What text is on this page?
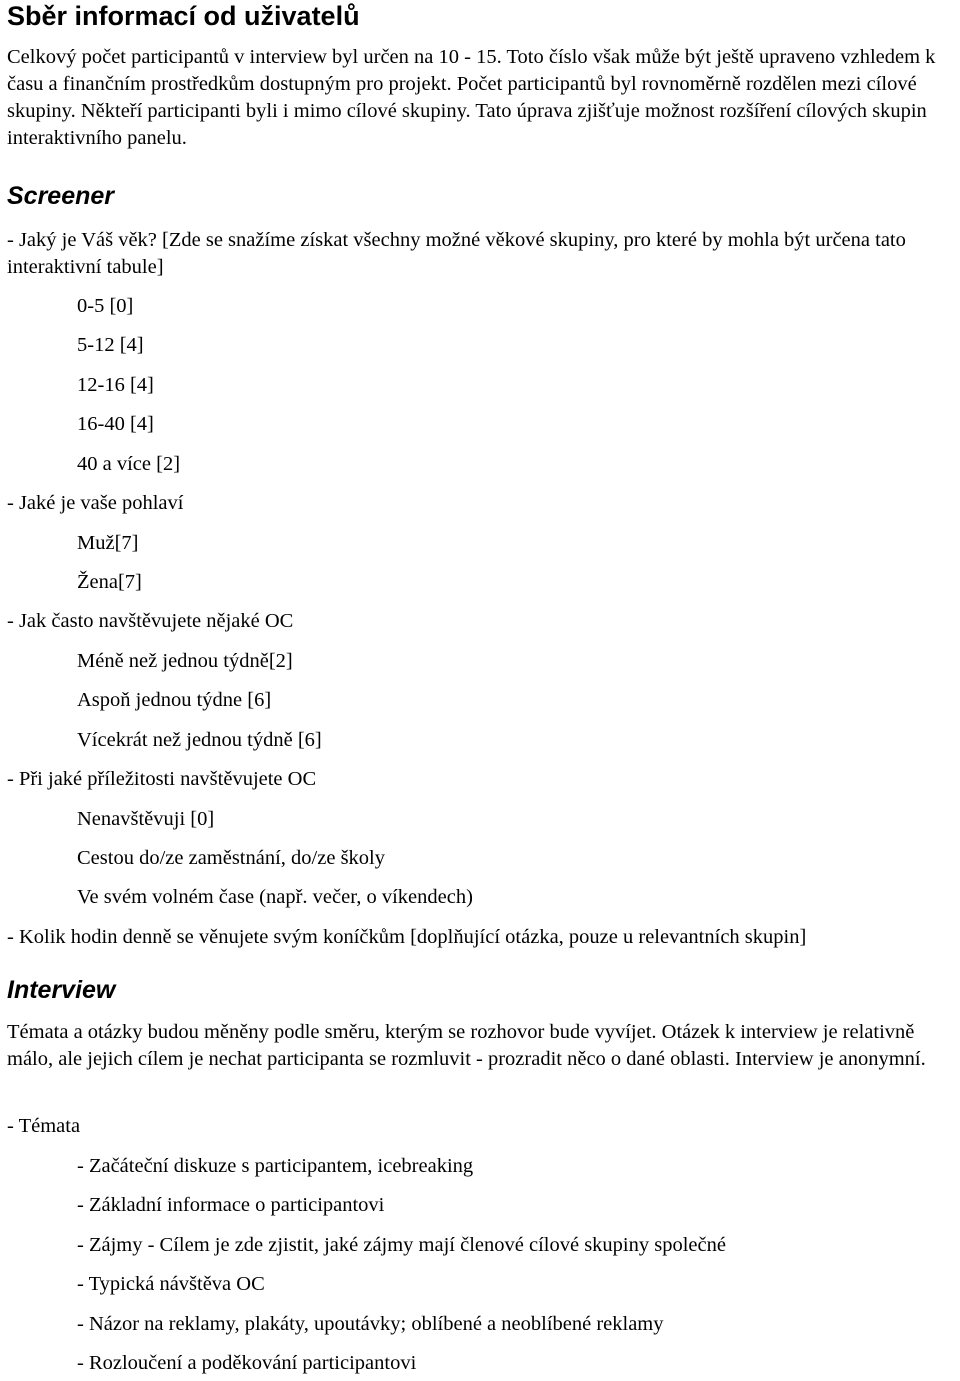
Sběr informací od uživatelů

Celkový počet participantů v interview byl určen na 10 - 15. Toto číslo však může být ještě upraveno vzhledem k času a finančním prostředkům dostupným pro projekt. Počet participantů byl rovnoměrně rozdělen mezi cílové skupiny. Někteří participanti byli i mimo cílové skupiny. Tato úprava zjišťuje možnost rozšíření cílových skupin interaktivního panelu.

Screener

- Jaký je Váš věk? [Zde se snažíme získat všechny možné věkové skupiny, pro které by mohla být určena tato interaktivní tabule]

0-5 [0]

5-12 [4]

12-16 [4]

16-40 [4]

40 a více [2]

- Jaké je vaše pohlaví

Muž[7]

Žena[7]

- Jak často navštěvujete nějaké OC

Méně než jednou týdně[2]

Aspoň jednou týdne [6]

Vícekrát než jednou týdně [6]

- Při jaké příležitosti navštěvujete OC

Nenavštěvuji [0]

Cestou do/ze zaměstnání, do/ze školy

Ve svém volném čase (např. večer, o víkendech)

- Kolik hodin denně se věnujete svým koníčkům [doplňující otázka, pouze u relevantních skupin]

Interview

Témata a otázky budou měněny podle směru, kterým se rozhovor bude vyvíjet. Otázek k interview je relativně málo, ale jejich cílem je nechat participanta se rozmluvit - prozradit něco o dané oblasti. Interview je anonymní.

- Témata

- Začáteční diskuze s participantem, icebreaking

- Základní informace o participantovi

- Zájmy - Cílem je zde zjistit, jaké zájmy mají členové cílové skupiny společné

- Typická návštěva OC

- Názor na reklamy, plakáty, upoutávky; oblíbené a neoblíbené reklamy

- Rozloučení a poděkování participantovi
